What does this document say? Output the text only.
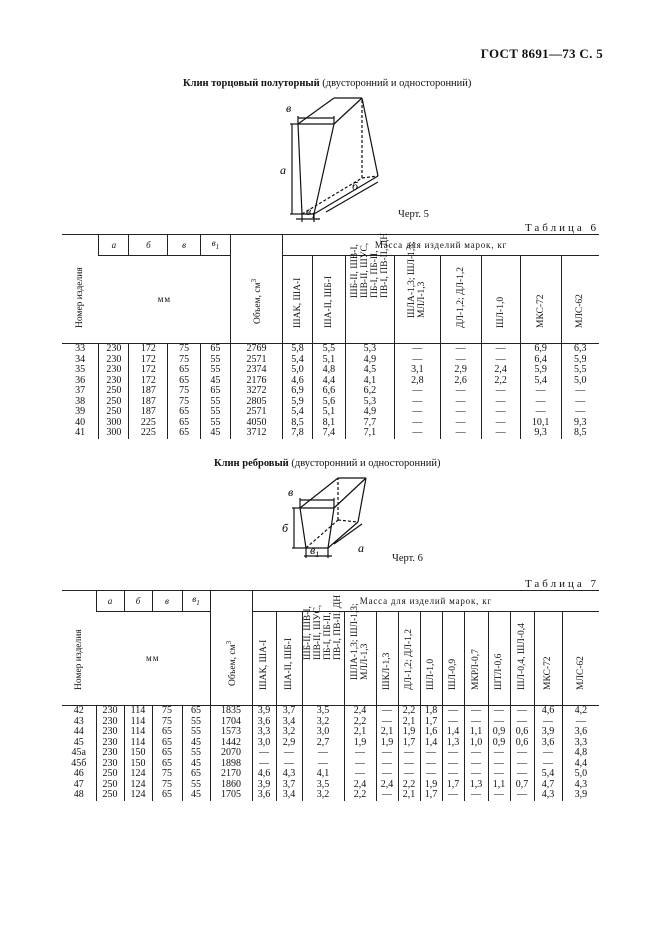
ГОСТ 8691—73 С. 5
Клин торцовый полуторный (двусторонний и односторонний)
в
а
б
$в_1$	Черт. 5
Таблица 6
Номер изделия	а	б	в	$в_1$	Объем, $см^3$	Масса для изделий марок, кг							
	мм					ШАК, ША-I	ША-II, ШБ-I	ШБ-II, ШВ-I, ШВ-II, ШУС, ПБ-I, ПБ-II, ПВ-I, ПВ-II, ДН	ШЛА-1,3; ШЛ-1,3; МЛЛ-1,3	ДЛ-1,2; ДЛ-1,2	ШЛ-1,0	МКС-72	МЛС-62

33	230	172	75	65	2769	5,8	5,5	5,3	—	—	—	6,9	6,3
34	230	172	75	55	2571	5,4	5,1	4,9	—	—	—	6,4	5,9
35	230	172	65	55	2374	5,0	4,8	4,5	3,1	2,9	2,4	5,9	5,5
36	230	172	65	45	2176	4,6	4,4	4,1	2,8	2,6	2,2	5,4	5,0
37	250	187	75	65	3272	6,9	6,6	6,2	—	—	—	—	—
38	250	187	75	55	2805	5,9	5,6	5,3	—	—	—	—	—
39	250	187	65	55	2571	5,4	5,1	4,9	—	—	—	—	—
40	300	225	65	55	4050	8,5	8,1	7,7	—	—	—	10,1	9,3
41	300	225	65	45	3712	7,8	7,4	7,1	—	—	—	9,3	8,5
Клин ребровый (двусторонний и односторонний)
в
б
а
$в_1$	Черт. 6
Таблица 7
Номер изделия	а	б	в	$в_1$	Объем, $см^3$	Масса для изделий марок, кг												
	мм					ШАК, ША-I	ША-II, ШБ-I	ШБ-II, ШВ-I, ШВ-II, ШУС, ПБ-I, ПБ-II, ПВ-I, ПВ-II, ДН	ШЛА-1,3; ШЛ-1,3; МЛЛ-1,3	ШКЛ-1,3	ДЛ-1,2; ДЛ-1,2	ШЛ-1,0	ШЛ-0,9	МКРЛ-0,7	ШТЛ-0,6	ШЛ-0,4, ШЛ-0,4	МКС-72	МЛС-62

42	230	114	75	65	1835	3,9	3,7	3,5	2,4	—	2,2	1,8	—	—	—	—	4,6	4,2
43	230	114	75	55	1704	3,6	3,4	3,2	2,2	—	2,1	1,7	—	—	—	—	—	—
44	230	114	65	55	1573	3,3	3,2	3,0	2,1	2,1	1,9	1,6	1,4	1,1	0,9	0,6	3,9	3,6
45	230	114	65	45	1442	3,0	2,9	2,7	1,9	1,9	1,7	1,4	1,3	1,0	0,9	0,6	3,6	3,3
45а	230	150	65	55	2070	—	—	—	—	—	—	—	—	—	—	—	—	4,8
45б	230	150	65	45	1898	—	—	—	—	—	—	—	—	—	—	—	—	4,4
46	250	124	75	65	2170	4,6	4,3	4,1	—	—	—	—	—	—	—	—	5,4	5,0
47	250	124	75	55	1860	3,9	3,7	3,5	2,4	2,4	2,2	1,9	1,7	1,3	1,1	0,7	4,7	4,3
48	250	124	65	45	1705	3,6	3,4	3,2	2,2	—	2,1	1,7	—	—	—	—	4,3	3,9
